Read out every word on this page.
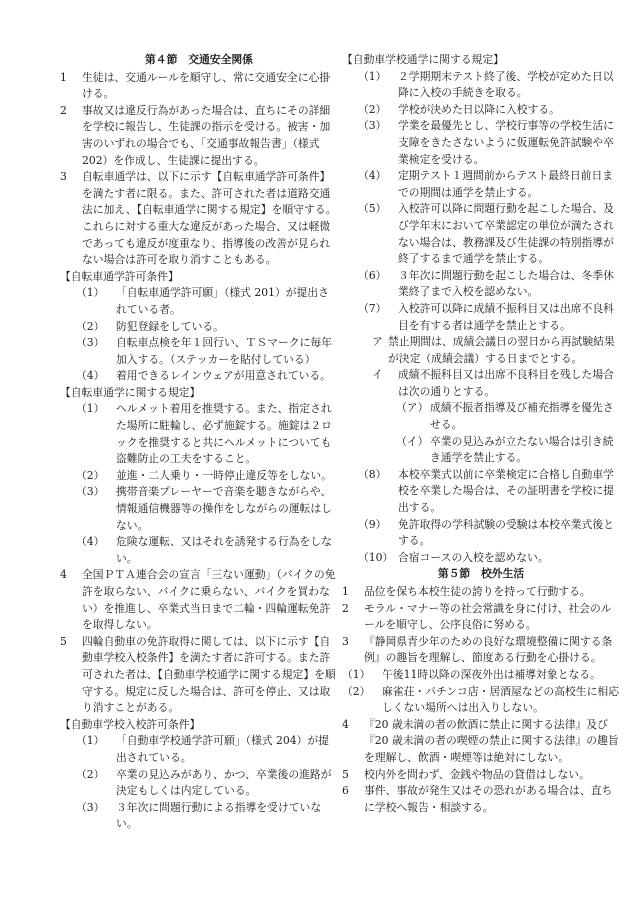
第４節　交通安全関係
1	生徒は、交通ルールを順守し、常に交通安全に心掛ける。
2	事故又は違反行為があった場合は、直ちにその詳細を学校に報告し、生徒課の指示を受ける。被害・加害のいずれの場合でも、「交通事故報告書」（様式 202）を作成し、生徒課に提出する。
3	自転車通学は、以下に示す【自転車通学許可条件】を満たす者に限る。また、許可された者は道路交通法に加え、【自転車通学に関する規定】を順守する。これらに対する重大な違反があった場合、又は軽微であっても違反が度重なり、指導後の改善が見られない場合は許可を取り消すこともある。
【自転車通学許可条件】
（1）	「自転車通学許可願」（様式 201）が提出されている者。
（2）	防犯登録をしている。
（3）	自転車点検を年１回行い、ＴＳマークに毎年加入する。（ステッカーを貼付している）
（4）	着用できるレインウェアが用意されている。
【自転車通学に関する規定】
（1）	ヘルメット着用を推奨する。また、指定された場所に駐輪し、必ず施錠する。施錠は２ロックを推奨すると共にヘルメットについても盗難防止の工夫をすること。
（2）	並進・二人乗り・一時停止違反等をしない。
（3）	携帯音楽プレーヤーで音楽を聴きながらや、情報通信機器等の操作をしながらの運転はしない。
（4）	危険な運転、又はそれを誘発する行為をしない。
4	全国ＰＴＡ連合会の宣言「三ない運動」（バイクの免許を取らない、バイクに乗らない、バイクを買わない）を推進し、卒業式当日まで二輪・四輪運転免許を取得しない。
5	四輪自動車の免許取得に関しては、以下に示す【自動車学校入校条件】を満たす者に許可する。また許可された者は、【自動車学校通学に関する規定】を順守する。規定に反した場合は、許可を停止、又は取り消すことがある。
【自動車学校入校許可条件】
（1）	「自動車学校通学許可願」（様式 204）が提出されている。
（2）	卒業の見込みがあり、かつ、卒業後の進路が決定もしくは内定している。
（3）	３年次に問題行動による指導を受けていない。
【自動車学校通学に関する規定】
（1）	２学期期末テスト終了後、学校が定めた日以降に入校の手続きを取る。
（2）	学校が決めた日以降に入校する。
（3）	学業を最優先とし、学校行事等の学校生活に支障をきたさないように仮運転免許試験や卒業検定を受ける。
（4）	定期テスト１週間前からテスト最終日前日までの期間は通学を禁止する。
（5）	入校許可以降に問題行動を起こした場合、及び学年末において卒業認定の単位が満たされない場合は、教務課及び生徒課の特別指導が終了するまで通学を禁止する。
（6）	３年次に問題行動を起こした場合は、冬季休業終了まで入校を認めない。
（7）	入校許可以降に成績不振科目又は出席不良科目を有する者は通学を禁止とする。
ア 禁止期間は、成績会議日の翌日から再試験結果が決定（成績会議）する日までとする。
イ	成績不振科目又は出席不良科目を残した場合は次の通りとする。
（ア） 成績不振者指導及び補充指導を優先させる。
（イ） 卒業の見込みが立たない場合は引き続き通学を禁止する。
（8）	本校卒業式以前に卒業検定に合格し自動車学校を卒業した場合は、その証明書を学校に提出する。
（9）	免許取得の学科試験の受験は本校卒業式後とする。
（10） 合宿コースの入校を認めない。
第５節　校外生活
1	品位を保ち本校生徒の誇りを持って行動する。
2	モラル・マナー等の社会常識を身に付け、社会のルールを順守し、公序良俗に努める。
3	『静岡県青少年のための良好な環境整備に関する条例』の趣旨を理解し、節度ある行動を心掛ける。
（1）	午後11時以降の深夜外出は補導対象となる。
（2）	麻雀荘・パチンコ店・居酒屋などの高校生に相応しくない場所へは出入りしない。
4	『20 歳未満の者の飲酒に禁止に関する法律』及び『20 歳未満の者の喫煙の禁止に関する法律』の趣旨を理解し、飲酒・喫煙等は絶対にしない。
5	校内外を問わず、金銭や物品の貸借はしない。
6	事件、事故が発生又はその恐れがある場合は、直ちに学校へ報告・相談する。
